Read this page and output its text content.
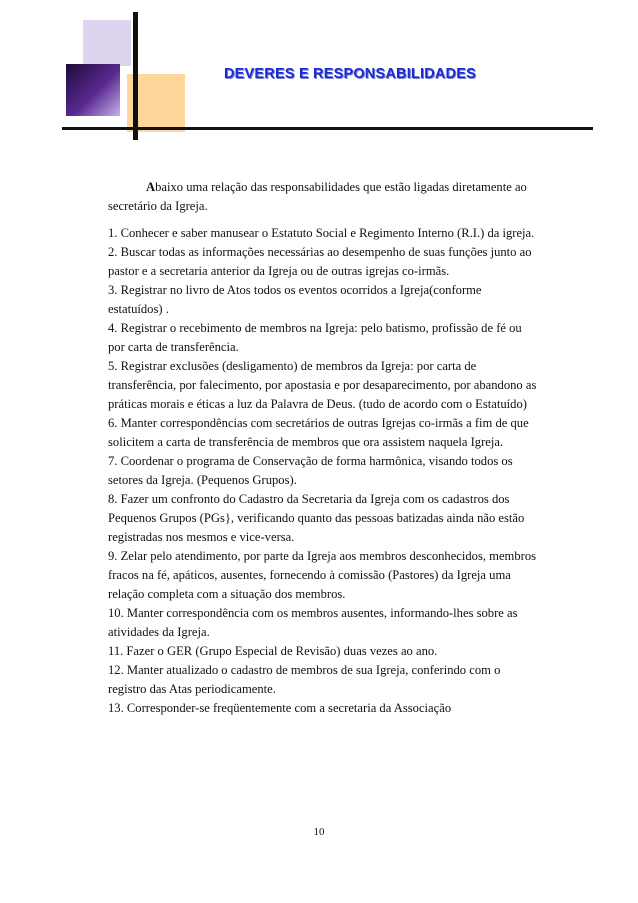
DEVERES E RESPONSABILIDADES

Abaixo uma relação das responsabilidades que estão ligadas diretamente ao secretário da Igreja.

1. Conhecer e saber manusear o Estatuto Social e Regimento Interno (R.I.) da igreja.

2. Buscar todas as informações necessárias ao desempenho de suas funções junto ao pastor e a secretaria anterior da Igreja ou de outras igrejas co-irmãs.

3. Registrar no livro de Atos todos os eventos ocorridos a Igreja(conforme estatuídos) .

4. Registrar o recebimento de membros na Igreja: pelo batismo, profissão de fé ou por carta de transferência.

5. Registrar exclusões (desligamento) de membros da Igreja: por carta de transferência, por falecimento, por apostasia e por desaparecimento, por abandono as práticas morais e éticas a luz da Palavra de Deus. (tudo de acordo com o Estatuído)

6. Manter correspondências com secretários de outras Igrejas co-irmãs a fim de que solicitem a carta de transferência de membros que ora assistem naquela Igreja.

7. Coordenar o programa de Conservação de forma harmônica, visando todos os setores da Igreja. (Pequenos Grupos).

8. Fazer um confronto do Cadastro da Secretaria da Igreja com os cadastros dos Pequenos Grupos (PGs}, verificando quanto das pessoas batizadas ainda não estão registradas nos mesmos e vice-versa.

9. Zelar pelo atendimento, por parte da Igreja aos membros desconhecidos, membros fracos na fé, apáticos, ausentes, fornecendo à comissão (Pastores) da Igreja uma relação completa com a situação dos membros.

10. Manter correspondência com os membros ausentes, informando-lhes sobre as atividades da Igreja.

11. Fazer o GER (Grupo Especial de Revisão) duas vezes ao ano.

12. Manter atualizado o cadastro de membros de sua Igreja, conferindo com o registro das Atas periodicamente.

13. Corresponder-se freqüentemente com a secretaria da Associação

10
